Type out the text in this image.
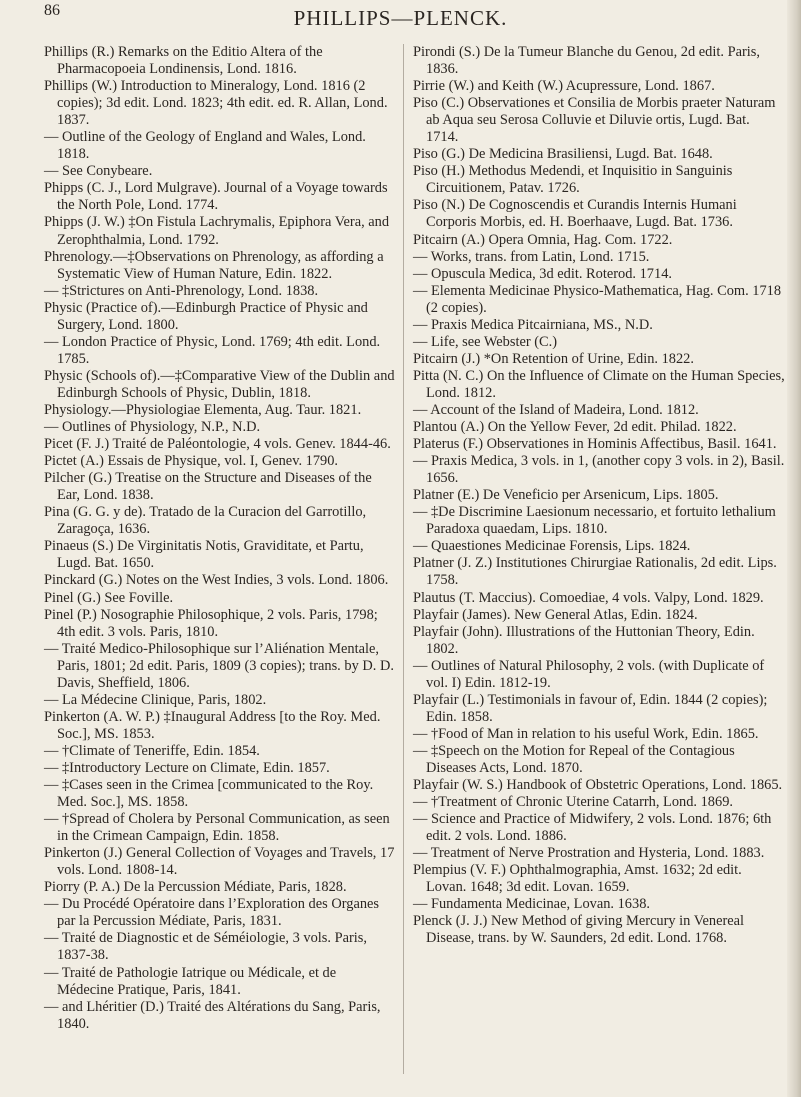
86	PHILLIPS—PLENCK.

Phillips (R.) Remarks on the Editio Altera of the Pharmacopoeia Londinensis, Lond. 1816.

Phillips (W.) Introduction to Mineralogy, Lond. 1816 (2 copies); 3d edit. Lond. 1823; 4th edit. ed. R. Allan, Lond. 1837.

— Outline of the Geology of England and Wales, Lond. 1818.

— See Conybeare.

Phipps (C. J., Lord Mulgrave). Journal of a Voyage towards the North Pole, Lond. 1774.

Phipps (J. W.) ‡On Fistula Lachrymalis, Epiphora Vera, and Zerophthalmia, Lond. 1792.

Phrenology.—‡Observations on Phrenology, as affording a Systematic View of Human Nature, Edin. 1822.

— ‡Strictures on Anti-Phrenology, Lond. 1838.

Physic (Practice of).—Edinburgh Practice of Physic and Surgery, Lond. 1800.

— London Practice of Physic, Lond. 1769; 4th edit. Lond. 1785.

Physic (Schools of).—‡Comparative View of the Dublin and Edinburgh Schools of Physic, Dublin, 1818.

Physiology.—Physiologiae Elementa, Aug. Taur. 1821.

— Outlines of Physiology, N.P., N.D.

Picet (F. J.) Traité de Paléontologie, 4 vols. Genev. 1844-46.

Pictet (A.) Essais de Physique, vol. I, Genev. 1790.

Pilcher (G.) Treatise on the Structure and Diseases of the Ear, Lond. 1838.

Pina (G. G. y de). Tratado de la Curacion del Garrotillo, Zaragoça, 1636.

Pinaeus (S.) De Virginitatis Notis, Graviditate, et Partu, Lugd. Bat. 1650.

Pinckard (G.) Notes on the West Indies, 3 vols. Lond. 1806.

Pinel (G.) See Foville.

Pinel (P.) Nosographie Philosophique, 2 vols. Paris, 1798; 4th edit. 3 vols. Paris, 1810.

— Traité Medico-Philosophique sur l’Aliénation Mentale, Paris, 1801; 2d edit. Paris, 1809 (3 copies); trans. by D. D. Davis, Sheffield, 1806.

— La Médecine Clinique, Paris, 1802.

Pinkerton (A. W. P.) ‡Inaugural Address [to the Roy. Med. Soc.], MS. 1853.

— †Climate of Teneriffe, Edin. 1854.

— ‡Introductory Lecture on Climate, Edin. 1857.

— ‡Cases seen in the Crimea [communicated to the Roy. Med. Soc.], MS. 1858.

— †Spread of Cholera by Personal Communication, as seen in the Crimean Campaign, Edin. 1858.

Pinkerton (J.) General Collection of Voyages and Travels, 17 vols. Lond. 1808-14.

Piorry (P. A.) De la Percussion Médiate, Paris, 1828.

— Du Procédé Opératoire dans l’Exploration des Organes par la Percussion Médiate, Paris, 1831.

— Traité de Diagnostic et de Séméiologie, 3 vols. Paris, 1837-38.

— Traité de Pathologie Iatrique ou Médicale, et de Médecine Pratique, Paris, 1841.

— and Lhéritier (D.) Traité des Altérations du Sang, Paris, 1840.

Pirondi (S.) De la Tumeur Blanche du Genou, 2d edit. Paris, 1836.

Pirrie (W.) and Keith (W.) Acupressure, Lond. 1867.

Piso (C.) Observationes et Consilia de Morbis praeter Naturam ab Aqua seu Serosa Colluvie et Diluvie ortis, Lugd. Bat. 1714.

Piso (G.) De Medicina Brasiliensi, Lugd. Bat. 1648.

Piso (H.) Methodus Medendi, et Inquisitio in Sanguinis Circuitionem, Patav. 1726.

Piso (N.) De Cognoscendis et Curandis Internis Humani Corporis Morbis, ed. H. Boerhaave, Lugd. Bat. 1736.

Pitcairn (A.) Opera Omnia, Hag. Com. 1722.

— Works, trans. from Latin, Lond. 1715.

— Opuscula Medica, 3d edit. Roterod. 1714.

— Elementa Medicinae Physico-Mathematica, Hag. Com. 1718 (2 copies).

— Praxis Medica Pitcairniana, MS., N.D.

— Life, see Webster (C.)

Pitcairn (J.) *On Retention of Urine, Edin. 1822.

Pitta (N. C.) On the Influence of Climate on the Human Species, Lond. 1812.

— Account of the Island of Madeira, Lond. 1812.

Plantou (A.) On the Yellow Fever, 2d edit. Philad. 1822.

Platerus (F.) Observationes in Hominis Affectibus, Basil. 1641.

— Praxis Medica, 3 vols. in 1, (another copy 3 vols. in 2), Basil. 1656.

Platner (E.) De Veneficio per Arsenicum, Lips. 1805.

— ‡De Discrimine Laesionum necessario, et fortuito lethalium Paradoxa quaedam, Lips. 1810.

— Quaestiones Medicinae Forensis, Lips. 1824.

Platner (J. Z.) Institutiones Chirurgiae Rationalis, 2d edit. Lips. 1758.

Plautus (T. Maccius). Comoediae, 4 vols. Valpy, Lond. 1829.

Playfair (James). New General Atlas, Edin. 1824.

Playfair (John). Illustrations of the Huttonian Theory, Edin. 1802.

— Outlines of Natural Philosophy, 2 vols. (with Duplicate of vol. I) Edin. 1812-19.

Playfair (L.) Testimonials in favour of, Edin. 1844 (2 copies); Edin. 1858.

— †Food of Man in relation to his useful Work, Edin. 1865.

— ‡Speech on the Motion for Repeal of the Contagious Diseases Acts, Lond. 1870.

Playfair (W. S.) Handbook of Obstetric Operations, Lond. 1865.

— †Treatment of Chronic Uterine Catarrh, Lond. 1869.

— Science and Practice of Midwifery, 2 vols. Lond. 1876; 6th edit. 2 vols. Lond. 1886.

— Treatment of Nerve Prostration and Hysteria, Lond. 1883.

Plempius (V. F.) Ophthalmographia, Amst. 1632; 2d edit. Lovan. 1648; 3d edit. Lovan. 1659.

— Fundamenta Medicinae, Lovan. 1638.

Plenck (J. J.) New Method of giving Mercury in Venereal Disease, trans. by W. Saunders, 2d edit. Lond. 1768.
